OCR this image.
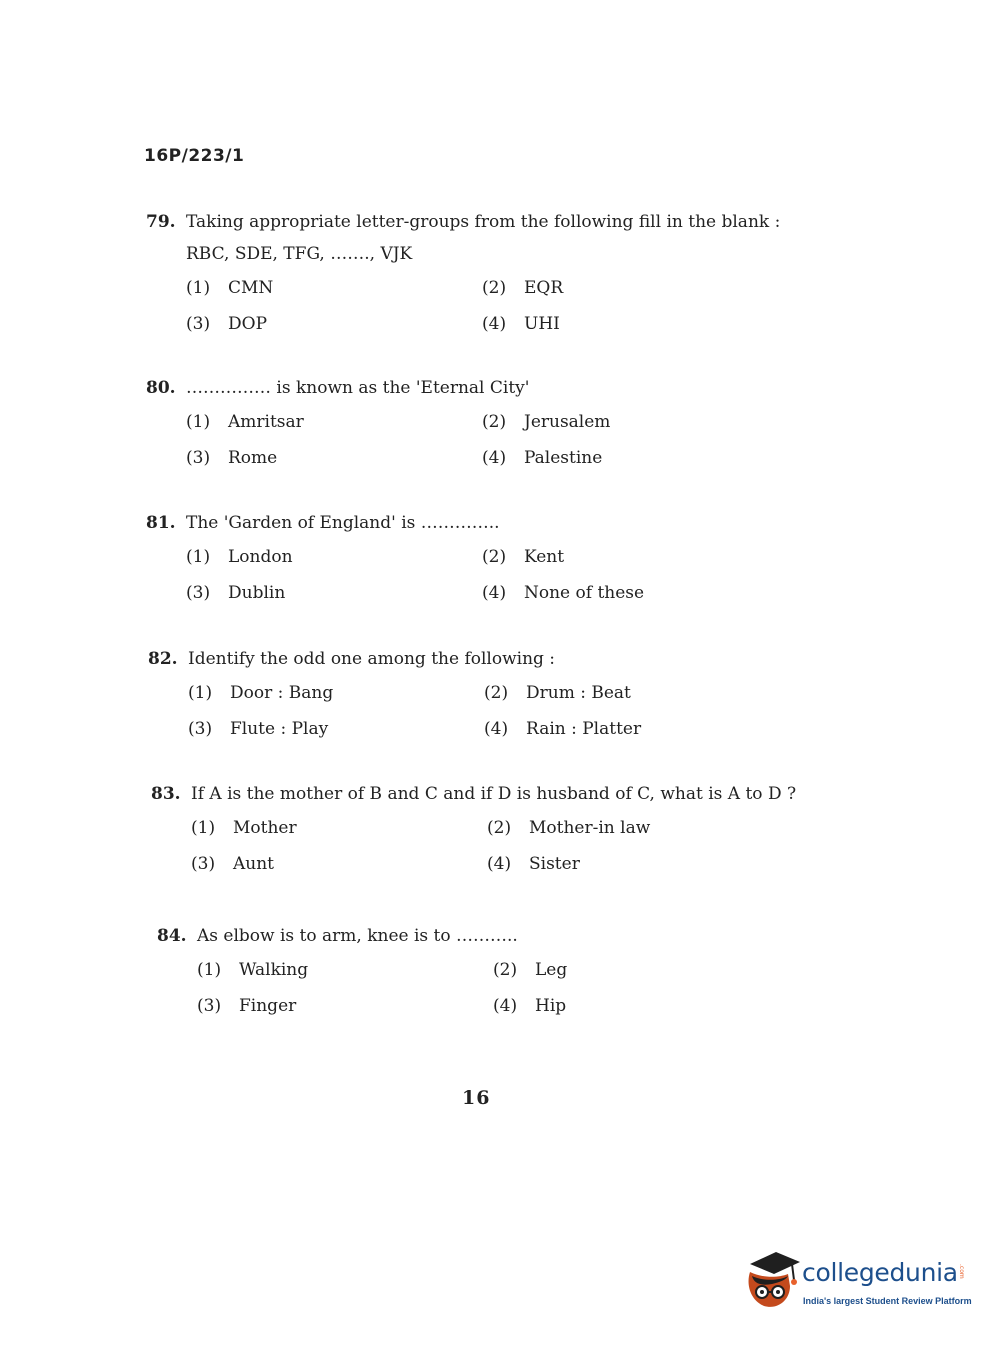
16P/223/1
79. Taking appropriate letter-groups from the following fill in the blank :
RBC, SDE, TFG, ……., VJK
(1) CMN	(2) EQR
(3) DOP	(4) UHI
80. …………… is known as the 'Eternal City'
(1) Amritsar	(2) Jerusalem
(3) Rome	(4) Palestine
81. The 'Garden of England' is …………..
(1) London	(2) Kent
(3) Dublin	(4) None of these
82. Identify the odd one among the following :
(1) Door : Bang	(2) Drum : Beat
(3) Flute : Play	(4) Rain : Platter
83. If A is the mother of B and C and if D is husband of C, what is A to D ?
(1) Mother	(2) Mother-in law
(3) Aunt	(4) Sister
84. As elbow is to arm, knee is to ………..
(1) Walking	(2) Leg
(3) Finger	(4) Hip
16
collegedunia .com
India's largest Student Review Platform
